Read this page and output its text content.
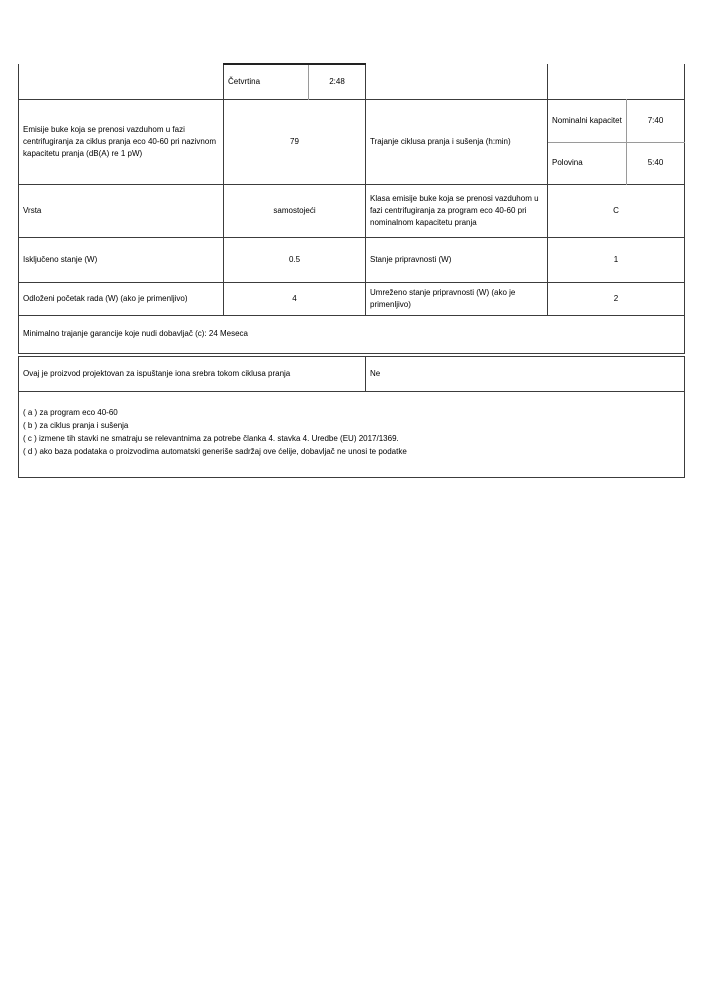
	Četvrtina	2:48			
Emisije buke koja se prenosi vazduhom u fazi centrifugiranja za ciklus pranja eco 40-60 pri nazivnom kapacitetu pranja (dB(A) re 1 pW)	79		Trajanje ciklusa pranja i sušenja (h:min)	Nominalni kapacitet	7:40
				Polovina	5:40
Vrsta	samostojeći		Klasa emisije buke koja se prenosi vazduhom u fazi centrifugiranja za program eco 40-60 pri nominalnom kapacitetu pranja	C	
Isključeno stanje (W)	0.5		Stanje pripravnosti (W)	1	
Odloženi početak rada (W) (ako je primenljivo)	4		Umreženo stanje pripravnosti (W) (ako je primenljivo)	2	
Minimalno trajanje garancije koje nudi dobavljač (c): 24 Meseca					
Ovaj je proizvod projektovan za ispuštanje iona srebra tokom ciklusa pranja	Ne

( a ) za program eco 40-60
( b ) za ciklus pranja i sušenja
( c ) izmene tih stavki ne smatraju se relevantnima za potrebe članka 4. stavka 4. Uredbe (EU) 2017/1369.
( d ) ako baza podataka o proizvodima automatski generiše sadržaj ove ćelije, dobavljač ne unosi te podatke
